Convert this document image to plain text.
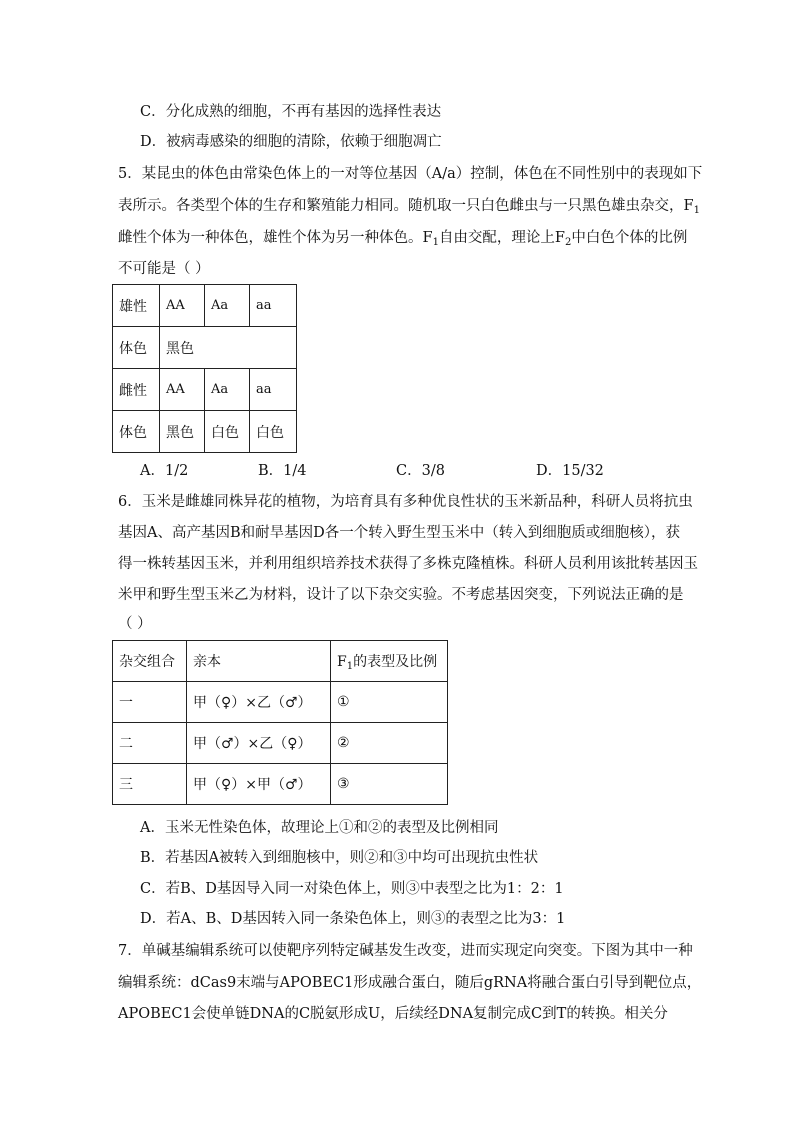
C．分化成熟的细胞，不再有基因的选择性表达
D．被病毒感染的细胞的清除，依赖于细胞凋亡
5．某昆虫的体色由常染色体上的一对等位基因（A/a）控制，体色在不同性别中的表现如下
表所示。各类型个体的生存和繁殖能力相同。随机取一只白色雌虫与一只黑色雄虫杂交，$F_1$
雌性个体为一种体色，雄性个体为另一种体色。$F_1$自由交配，理论上$F_2$中白色个体的比例
不可能是（ ）
雄性	AA	Aa	aa
体色	黑色		
雌性	AA	Aa	aa
体色	黑色	白色	白色
A．1/2	B．1/4	C．3/8	D．15/32
6．玉米是雌雄同株异花的植物，为培育具有多种优良性状的玉米新品种，科研人员将抗虫
基因A、高产基因B和耐旱基因D各一个转入野生型玉米中（转入到细胞质或细胞核），获
得一株转基因玉米，并利用组织培养技术获得了多株克隆植株。科研人员利用该批转基因玉
米甲和野生型玉米乙为材料，设计了以下杂交实验。不考虑基因突变，下列说法正确的是
（ ）
杂交组合	亲本	$F_1$的表型及比例
一	甲（♀）×乙（♂）	①
二	甲（♂）×乙（♀）	②
三	甲（♀）×甲（♂）	③
A．玉米无性染色体，故理论上①和②的表型及比例相同
B．若基因A被转入到细胞核中，则②和③中均可出现抗虫性状
C．若B、D基因导入同一对染色体上，则③中表型之比为1：2：1
D．若A、B、D基因转入同一条染色体上，则③的表型之比为3：1
7．单碱基编辑系统可以使靶序列特定碱基发生改变，进而实现定向突变。下图为其中一种
编辑系统：dCas9末端与APOBEC1形成融合蛋白，随后gRNA将融合蛋白引导到靶位点，
APOBEC1会使单链DNA的C脱氨形成U，后续经DNA复制完成C到T的转换。相关分
